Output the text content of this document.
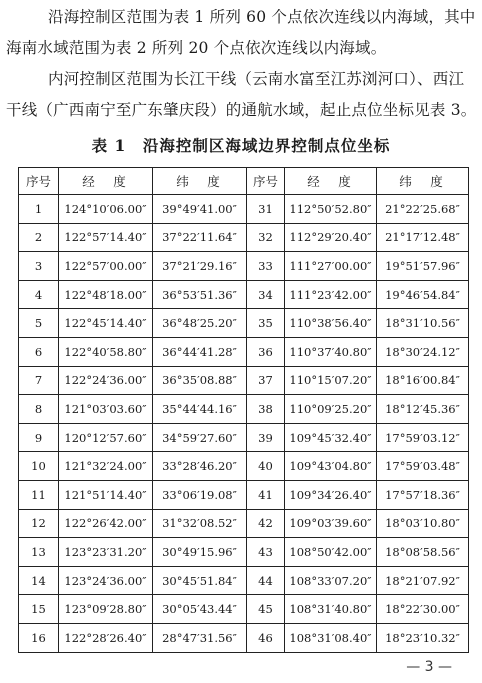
沿海控制区范围为表 1 所列 60 个点依次连线以内海域，其中
海南水域范围为表 2 所列 20 个点依次连线以内海域。
内河控制区范围为长江干线（云南水富至江苏浏河口）、西江
干线（广西南宁至广东肇庆段）的通航水域，起止点位坐标见表 3。
表 1　沿海控制区海域边界控制点位坐标
序号	经　度	纬　度	序号	经　度	纬　度
1	124°10′06.00″	39°49′41.00″	31	112°50′52.80″	21°22′25.68″
2	122°57′14.40″	37°22′11.64″	32	112°29′20.40″	21°17′12.48″
3	122°57′00.00″	37°21′29.16″	33	111°27′00.00″	19°51′57.96″
4	122°48′18.00″	36°53′51.36″	34	111°23′42.00″	19°46′54.84″
5	122°45′14.40″	36°48′25.20″	35	110°38′56.40″	18°31′10.56″
6	122°40′58.80″	36°44′41.28″	36	110°37′40.80″	18°30′24.12″
7	122°24′36.00″	36°35′08.88″	37	110°15′07.20″	18°16′00.84″
8	121°03′03.60″	35°44′44.16″	38	110°09′25.20″	18°12′45.36″
9	120°12′57.60″	34°59′27.60″	39	109°45′32.40″	17°59′03.12″
10	121°32′24.00″	33°28′46.20″	40	109°43′04.80″	17°59′03.48″
11	121°51′14.40″	33°06′19.08″	41	109°34′26.40″	17°57′18.36″
12	122°26′42.00″	31°32′08.52″	42	109°03′39.60″	18°03′10.80″
13	123°23′31.20″	30°49′15.96″	43	108°50′42.00″	18°08′58.56″
14	123°24′36.00″	30°45′51.84″	44	108°33′07.20″	18°21′07.92″
15	123°09′28.80″	30°05′43.44″	45	108°31′40.80″	18°22′30.00″
16	122°28′26.40″	28°47′31.56″	46	108°31′08.40″	18°23′10.32″
— 3 —
